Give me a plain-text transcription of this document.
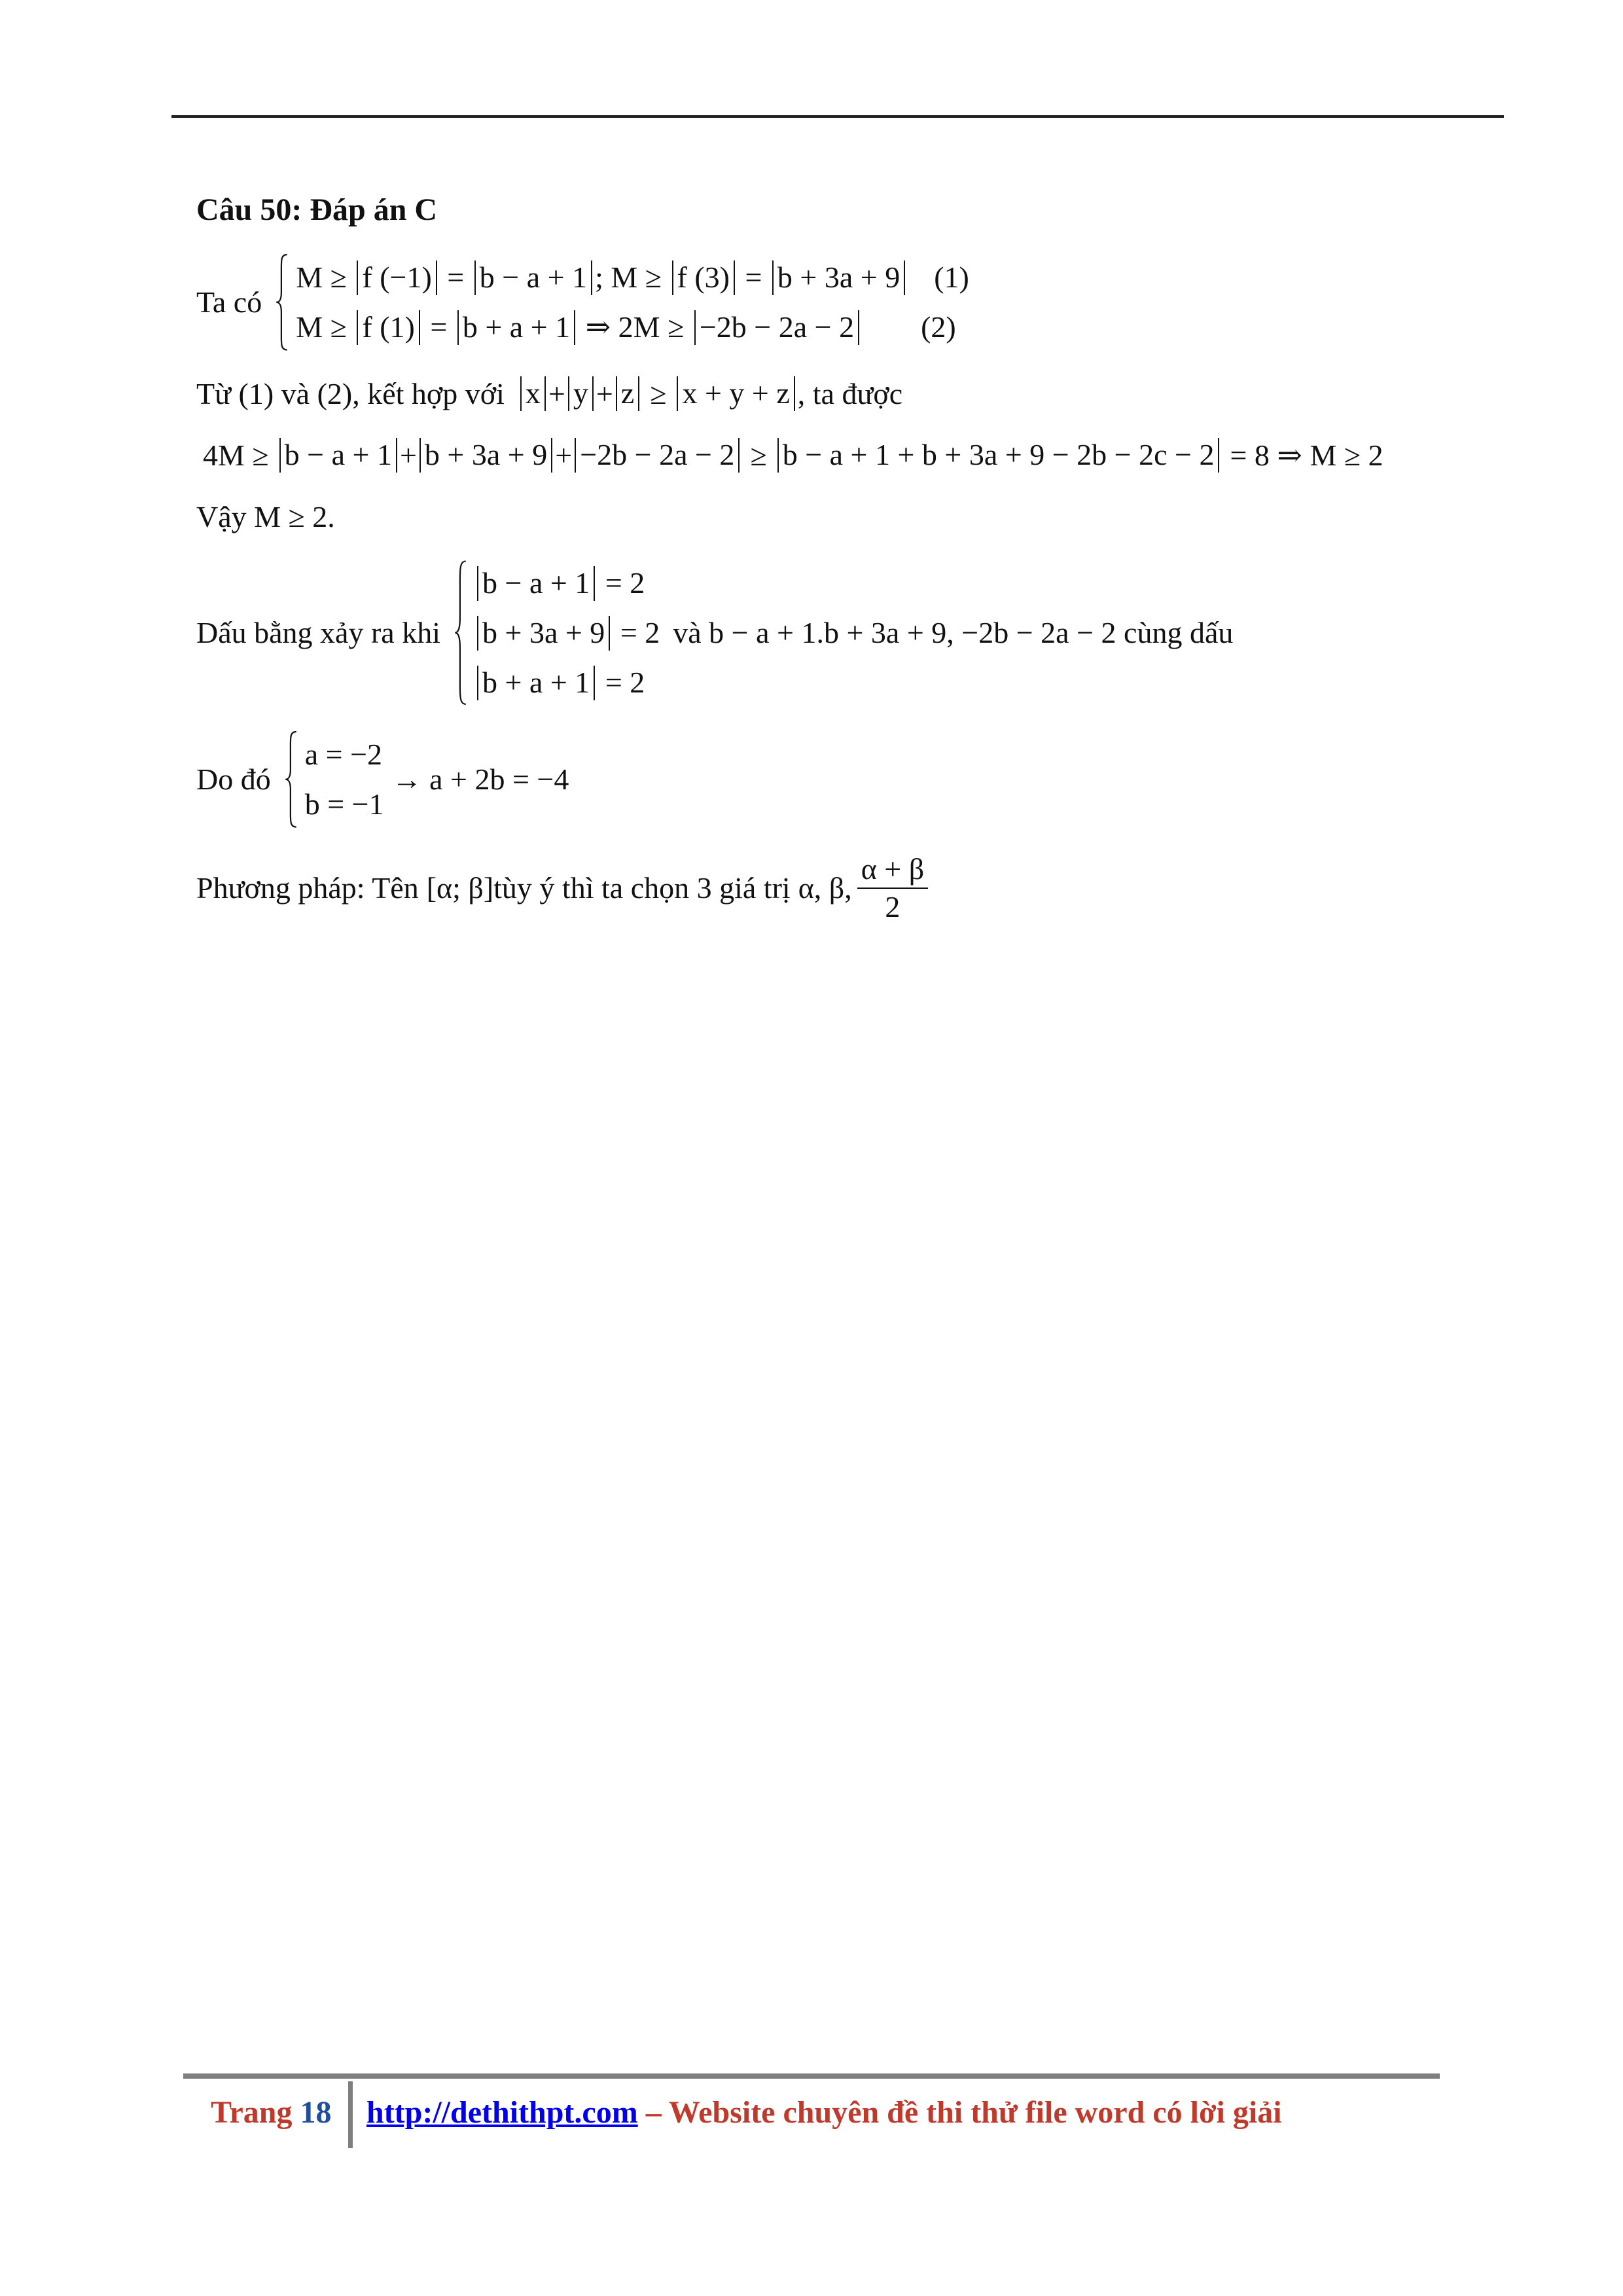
Câu 50: Đáp án C
Ta có
M ≥ f (−1) = b − a + 1 ; M ≥ f (3) = b + 3a + 9 (1)
M ≥ f (1) = b + a + 1 ⇒ 2M ≥ −2b − 2a − 2 (2)
Từ (1) và (2), kết hợp với x + y + z ≥ x + y + z , ta được
4M ≥ b − a + 1 + b + 3a + 9 + −2b − 2a − 2 ≥ b − a + 1 + b + 3a + 9 − 2b − 2c − 2 = 8 ⇒ M ≥ 2
Vậy M ≥ 2.
Dấu bằng xảy ra khi
b − a + 1 = 2
b + 3a + 9 = 2 và b − a + 1.b + 3a + 9, −2b − 2a − 2 cùng dấu
b + a + 1 = 2
Do đó
a = −2
b = −1
→ a + 2b = −4
Phương pháp: Tên [α; β] tùy ý thì ta chọn 3 giá trị α, β, $\frac{\alpha + \beta}{2}$
Trang 18 http://dethithpt.com – Website chuyên đề thi thử file word có lời giải
